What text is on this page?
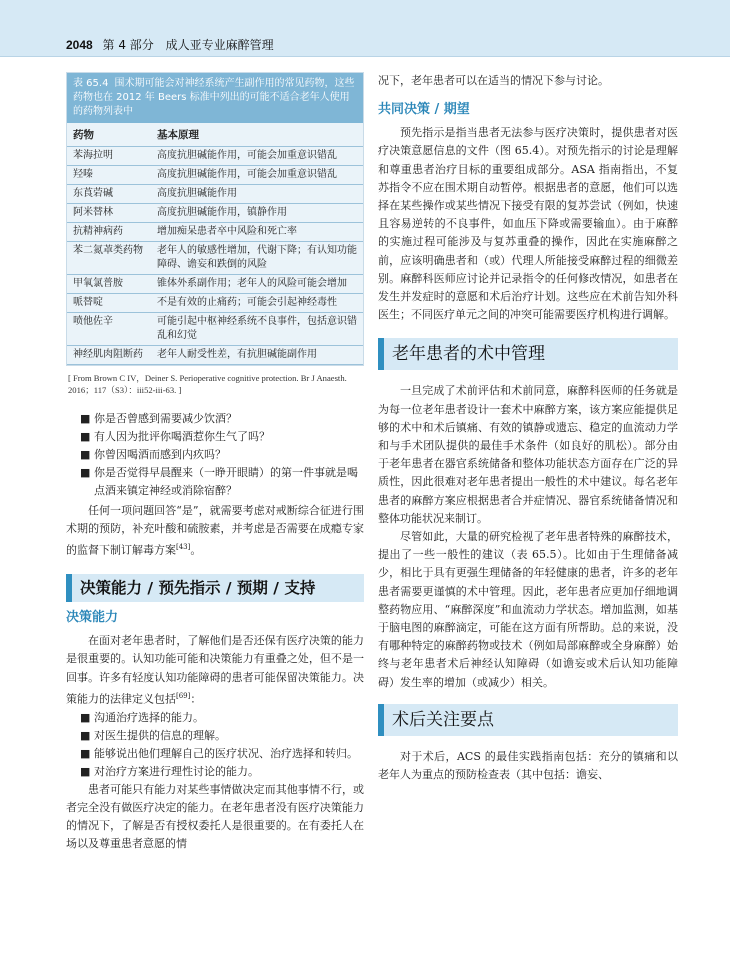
2048 第 4 部分 成人亚专业麻醉管理
表 65.4 围术期可能会对神经系统产生副作用的常见药物，这些药物也在 2012 年 Beers 标准中列出的可能不适合老年人使用的药物列表中
药物	基本原理
苯海拉明	高度抗胆碱能作用，可能会加重意识错乱
羟嗪	高度抗胆碱能作用，可能会加重意识错乱
东莨菪碱	高度抗胆碱能作用
阿米替林	高度抗胆碱能作用，镇静作用
抗精神病药	增加痴呆患者卒中风险和死亡率
苯二氮䓬类药物	老年人的敏感性增加，代谢下降；有认知功能障碍、谵妄和跌倒的风险
甲氧氯普胺	锥体外系副作用；老年人的风险可能会增加
哌替啶	不是有效的止痛药；可能会引起神经毒性
喷他佐辛	可能引起中枢神经系统不良事件，包括意识错乱和幻觉
神经肌肉阻断药	老年人耐受性差，有抗胆碱能副作用
[ From Brown C IV，Deiner S. Perioperative cognitive protection. Br J Anaesth. 2016；117（S3）：iii52-iii-63. ]
■ 你是否曾感到需要减少饮酒？
■ 有人因为批评你喝酒惹你生气了吗？
■ 你曾因喝酒而感到内疚吗？
■ 你是否觉得早晨醒来（一睁开眼睛）的第一件事就是喝点酒来镇定神经或消除宿醉？

任何一项问题回答“是”，就需要考虑对戒断综合征进行围术期的预防，补充叶酸和硫胺素，并考虑是否需要在成瘾专家的监督下制订解毒方案[43]。

决策能力 / 预先指示 / 预期 / 支持

决策能力

在面对老年患者时，了解他们是否还保有医疗决策的能力是很重要的。认知功能可能和决策能力有重叠之处，但不是一回事。许多有轻度认知功能障碍的患者可能保留决策能力。决策能力的法律定义包括[69]：

■ 沟通治疗选择的能力。
■ 对医生提供的信息的理解。
■ 能够说出他们理解自己的医疗状况、治疗选择和转归。
■ 对治疗方案进行理性讨论的能力。

患者可能只有能力对某些事情做决定而其他事情不行，或者完全没有做医疗决定的能力。在老年患者没有医疗决策能力的情况下，了解是否有授权委托人是很重要的。在有委托人在场以及尊重患者意愿的情

况下，老年患者可以在适当的情况下参与讨论。

共同决策 / 期望

预先指示是指当患者无法参与医疗决策时，提供患者对医疗决策意愿信息的文件（图 65.4）。对预先指示的讨论是理解和尊重患者治疗目标的重要组成部分。ASA 指南指出，不复苏指令不应在围术期自动暂停。根据患者的意愿，他们可以选择在某些操作或某些情况下接受有限的复苏尝试（例如，快速且容易逆转的不良事件，如血压下降或需要输血）。由于麻醉的实施过程可能涉及与复苏重叠的操作，因此在实施麻醉之前，应该明确患者和（或）代理人所能接受麻醉过程的细微差别。麻醉科医师应讨论并记录指令的任何修改情况，如患者在发生并发症时的意愿和术后治疗计划。这些应在术前告知外科医生；不同医疗单元之间的冲突可能需要医疗机构进行调解。

老年患者的术中管理

一旦完成了术前评估和术前同意，麻醉科医师的任务就是为每一位老年患者设计一套术中麻醉方案，该方案应能提供足够的术中和术后镇痛、有效的镇静或遗忘、稳定的血流动力学和与手术团队提供的最佳手术条件（如良好的肌松）。部分由于老年患者在器官系统储备和整体功能状态方面存在广泛的异质性，因此很难对老年患者提出一般性的术中建议。每名老年患者的麻醉方案应根据患者合并症情况、器官系统储备情况和整体功能状况来制订。

尽管如此，大量的研究检视了老年患者特殊的麻醉技术，提出了一些一般性的建议（表 65.5）。比如由于生理储备减少，相比于具有更强生理储备的年轻健康的患者，许多的老年患者需要更谨慎的术中管理。因此，老年患者应更加仔细地调整药物应用、“麻醉深度”和血流动力学状态。增加监测，如基于脑电图的麻醉滴定，可能在这方面有所帮助。总的来说，没有哪种特定的麻醉药物或技术（例如局部麻醉或全身麻醉）始终与老年患者术后神经认知障碍（如谵妄或术后认知功能障碍）发生率的增加（或减少）相关。

术后关注要点

对于术后，ACS 的最佳实践指南包括：充分的镇痛和以老年人为重点的预防检查表（其中包括：谵妄、
